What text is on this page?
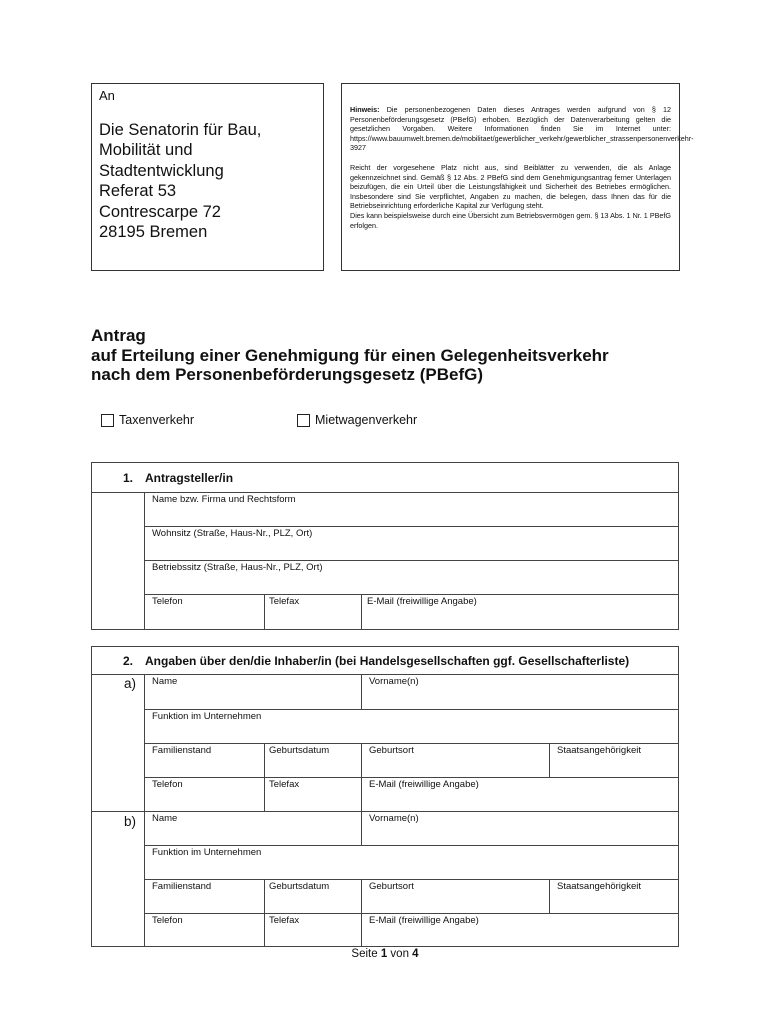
An
Die Senatorin für Bau,
Mobilität und
Stadtentwicklung
Referat 53
Contrescarpe 72
28195 Bremen

Hinweis: Die personenbezogenen Daten dieses Antrages werden aufgrund von § 12 Personenbeförderungsgesetz (PBefG) erhoben. Bezüglich der Datenverarbeitung gelten die gesetzlichen Vorgaben. Weitere Informationen finden Sie im Internet unter: https://www.bauumwelt.bremen.de/mobilitaet/gewerblicher_verkehr/gewerblicher_strassenpersonenverkehr-3927

Reicht der vorgesehene Platz nicht aus, sind Beiblätter zu verwenden, die als Anlage gekennzeichnet sind. Gemäß § 12 Abs. 2 PBefG sind dem Genehmigungsantrag ferner Unterlagen beizufügen, die ein Urteil über die Leistungsfähigkeit und Sicherheit des Betriebes ermöglichen. Insbesondere sind Sie verpflichtet, Angaben zu machen, die belegen, dass Ihnen das für die Betriebseinrichtung erforderliche Kapital zur Verfügung steht.

Dies kann beispielsweise durch eine Übersicht zum Betriebsvermögen gem. § 13 Abs. 1 Nr. 1 PBefG erfolgen.

Antrag
auf Erteilung einer Genehmigung für einen Gelegenheitsverkehr
nach dem Personenbeförderungsgesetz (PBefG)
Taxenverkehr	Mietwagenverkehr
1. Antragsteller/in
Name bzw. Firma und Rechtsform
Wohnsitz (Straße, Haus-Nr., PLZ, Ort)
Betriebssitz (Straße, Haus-Nr., PLZ, Ort)
Telefon	Telefax	E-Mail (freiwillige Angabe)
2. Angaben über den/die Inhaber/in (bei Handelsgesellschaften ggf. Gesellschafterliste)
a) Name	Vorname(n)
Funktion im Unternehmen
Familienstand	Geburtsdatum	Geburtsort	Staatsangehörigkeit
Telefon	Telefax	E-Mail (freiwillige Angabe)
b) Name	Vorname(n)
Funktion im Unternehmen
Familienstand	Geburtsdatum	Geburtsort	Staatsangehörigkeit
Telefon	Telefax	E-Mail (freiwillige Angabe)
Seite 1 von 4
